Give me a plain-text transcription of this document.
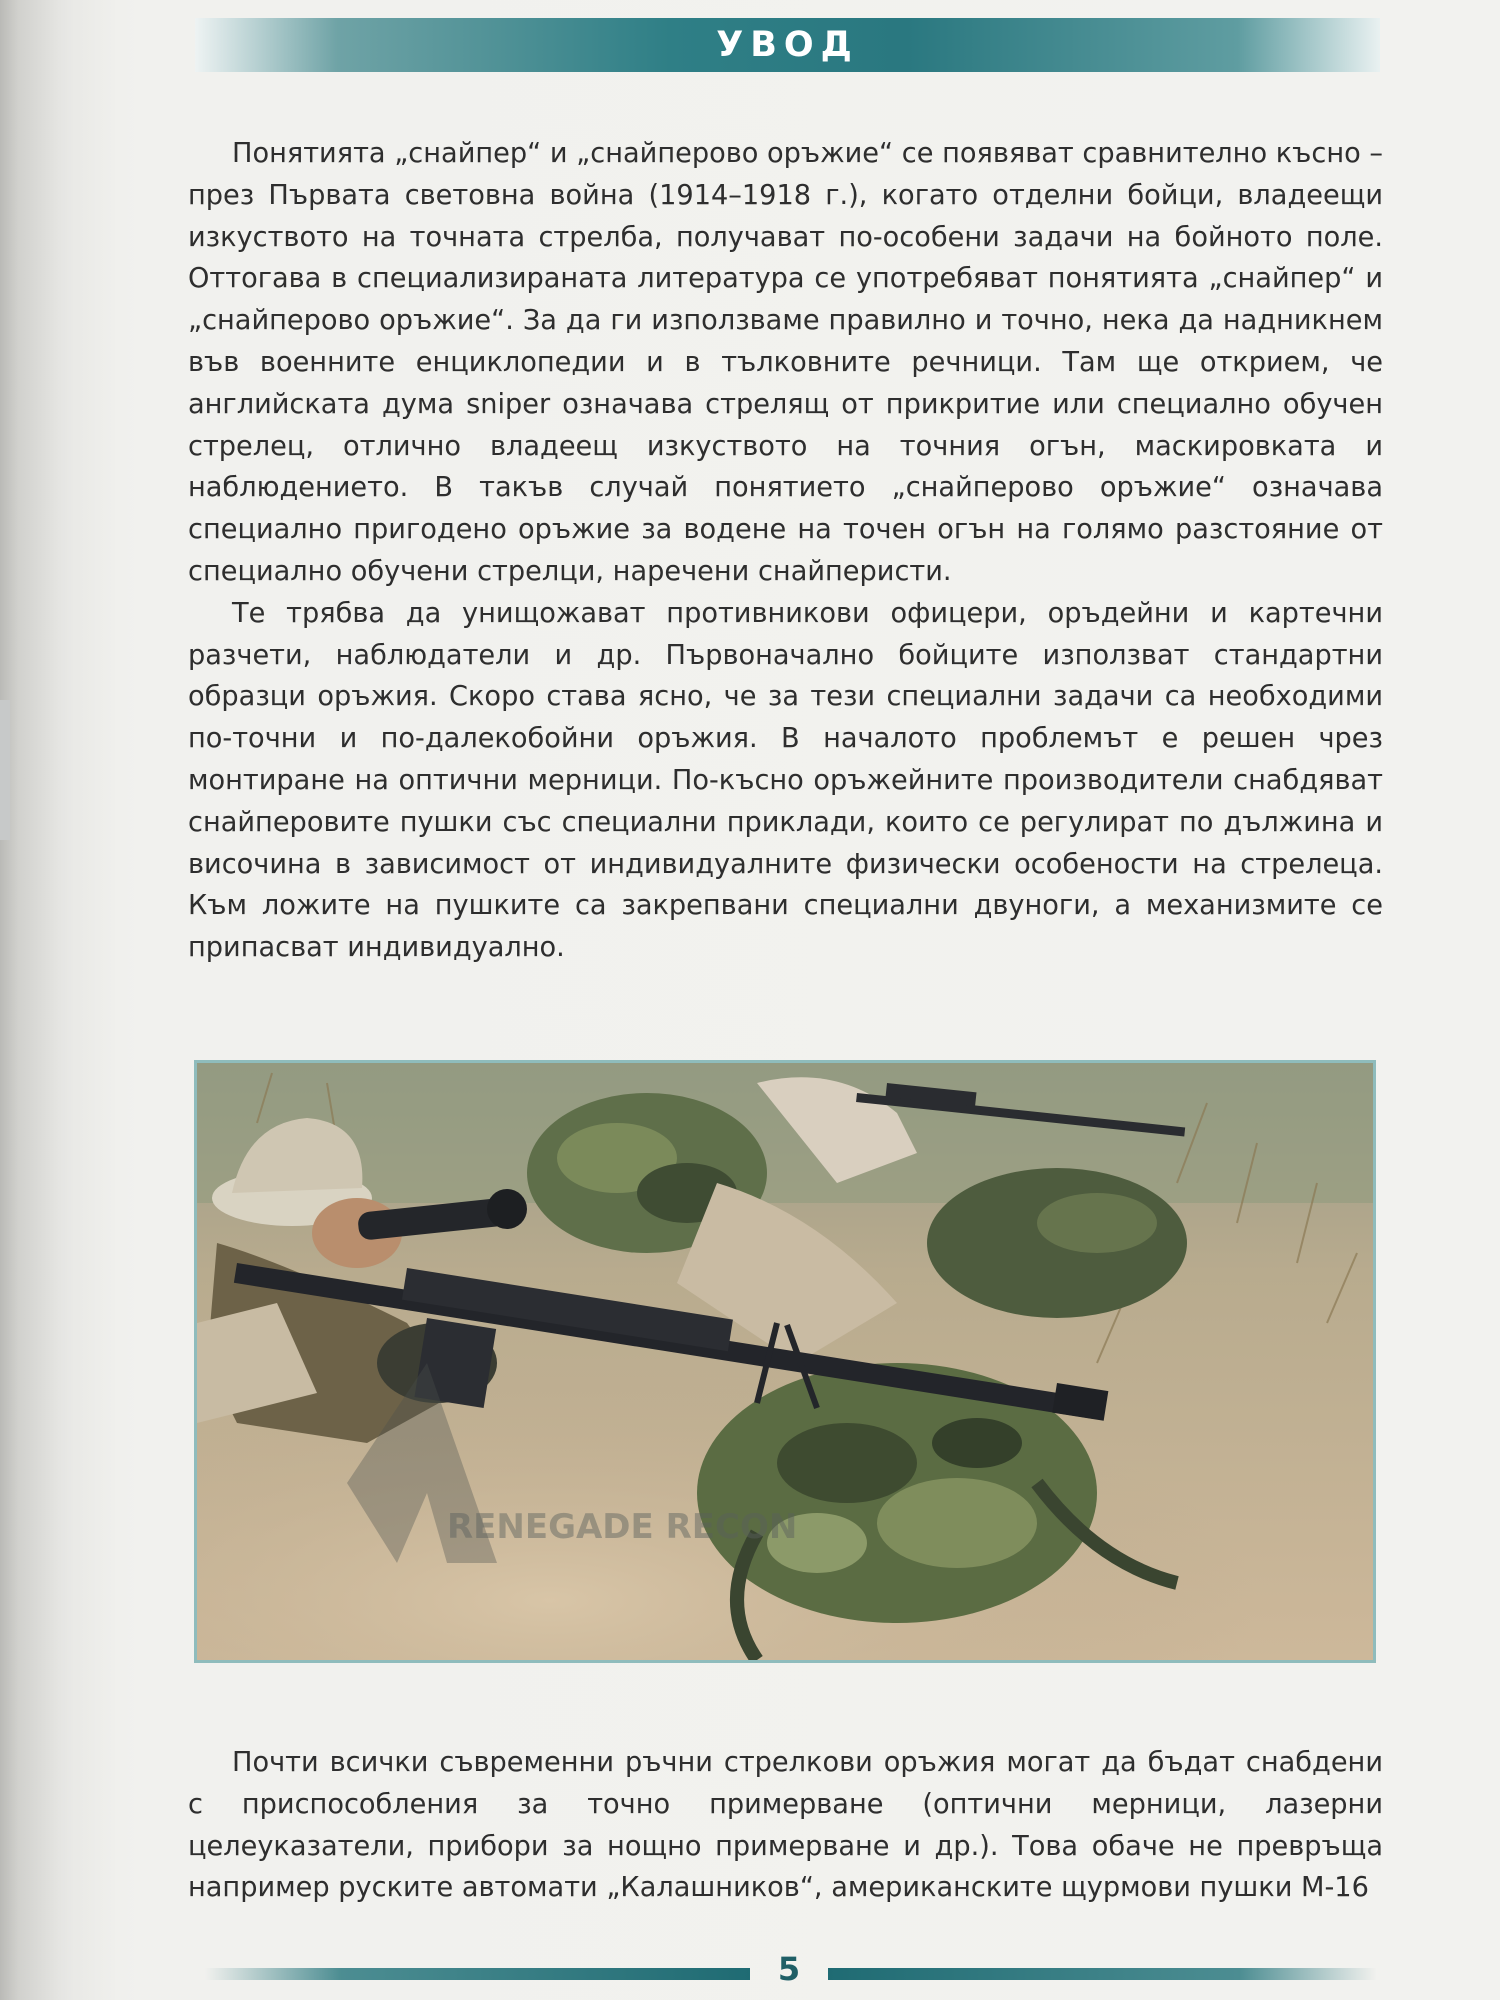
УВОД

Понятията „снайпер“ и „снайперово оръжие“ се появяват сравнително късно – през Първата световна война (1914–1918 г.), когато отделни бойци, владеещи изкуството на точната стрелба, получават по-особени задачи на бойното поле. Оттогава в специализираната литература се употребяват понятията „снайпер“ и „снайперово оръжие“. За да ги използваме правилно и точно, нека да надникнем във военните енциклопедии и в тълковните речници. Там ще открием, че английската дума sniper означава стрелящ от прикритие или специално обучен стрелец, отлично владеещ изкуството на точния огън, маскировката и наблюдението. В такъв случай понятието „снайперово оръжие“ означава специално пригодено оръжие за водене на точен огън на голямо разстояние от специално обучени стрелци, наречени снайперисти.

Те трябва да унищожават противникови офицери, оръдейни и картечни разчети, наблюдатели и др. Първоначално бойците използват стандартни образци оръжия. Скоро става ясно, че за тези специални задачи са необходими по-точни и по-далекобойни оръжия. В началото проблемът е решен чрез монтиране на оптични мерници. По-късно оръжейните производители снабдяват снайперовите пушки със специални приклади, които се регулират по дължина и височина в зависимост от индивидуалните физически особености на стрелеца. Към ложите на пушките са закрепвани специални двуноги, а механизмите се припасват индивидуално.

RENEGADE RECON

Почти всички съвременни ръчни стрелкови оръжия могат да бъдат снабдени с приспособления за точно примерване (оптични мерници, лазерни целеуказатели, прибори за нощно примерване и др.). Това обаче не превръща например руските автомати „Калашников“, американските щурмови пушки М-16

5
